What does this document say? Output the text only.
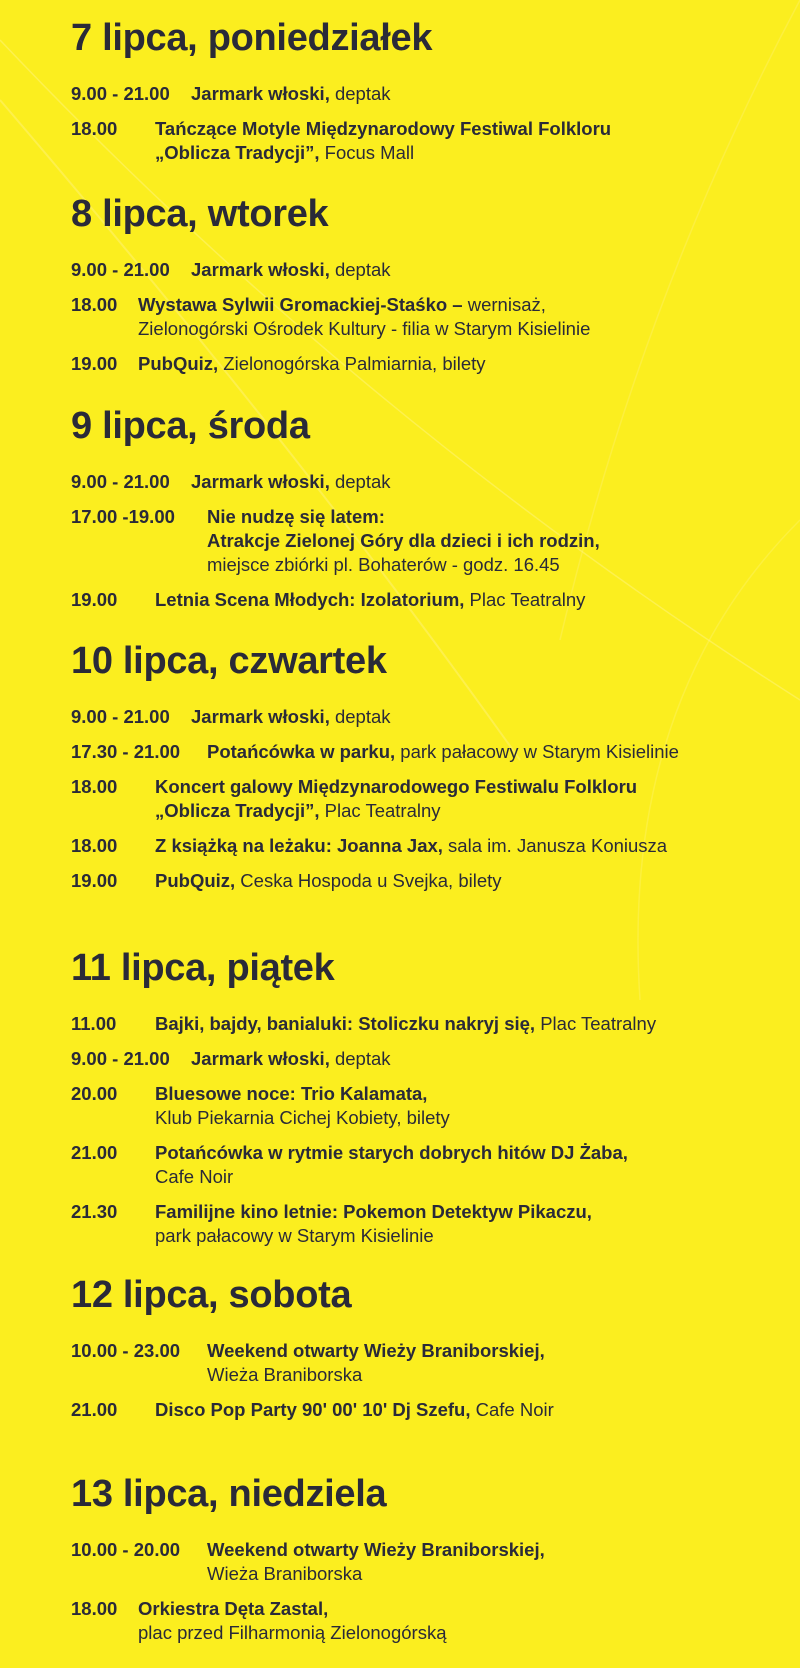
7 lipca, poniedziałek
9.00 - 21.00	Jarmark włoski, deptak
18.00	Tańczące Motyle Międzynarodowy Festiwal Folkloru
„Oblicza Tradycji”, Focus Mall
8 lipca, wtorek
9.00 - 21.00	Jarmark włoski, deptak
18.00	Wystawa Sylwii Gromackiej-Staśko – wernisaż,
Zielonogórski Ośrodek Kultury - filia w Starym Kisielinie
19.00	PubQuiz, Zielonogórska Palmiarnia, bilety
9 lipca, środa
9.00 - 21.00	Jarmark włoski, deptak
17.00 -19.00	Nie nudzę się latem:
Atrakcje Zielonej Góry dla dzieci i ich rodzin,
miejsce zbiórki pl. Bohaterów - godz. 16.45
19.00	Letnia Scena Młodych: Izolatorium, Plac Teatralny
10 lipca, czwartek
9.00 - 21.00	Jarmark włoski, deptak
17.30 - 21.00	Potańcówka w parku, park pałacowy w Starym Kisielinie
18.00	Koncert galowy Międzynarodowego Festiwalu Folkloru
„Oblicza Tradycji”, Plac Teatralny
18.00	Z książką na leżaku: Joanna Jax, sala im. Janusza Koniusza
19.00	PubQuiz, Ceska Hospoda u Svejka, bilety
11 lipca, piątek
11.00	Bajki, bajdy, banialuki: Stoliczku nakryj się, Plac Teatralny
9.00 - 21.00	Jarmark włoski, deptak
20.00	Bluesowe noce: Trio Kalamata,
Klub Piekarnia Cichej Kobiety, bilety
21.00	Potańcówka w rytmie starych dobrych hitów DJ Żaba,
Cafe Noir
21.30	Familijne kino letnie: Pokemon Detektyw Pikaczu,
park pałacowy w Starym Kisielinie
12 lipca, sobota
10.00 - 23.00	Weekend otwarty Wieży Braniborskiej,
Wieża Braniborska
21.00	Disco Pop Party 90' 00' 10' Dj Szefu, Cafe Noir
13 lipca, niedziela
10.00 - 20.00	Weekend otwarty Wieży Braniborskiej,
Wieża Braniborska
18.00	Orkiestra Dęta Zastal,
plac przed Filharmonią Zielonogórską
